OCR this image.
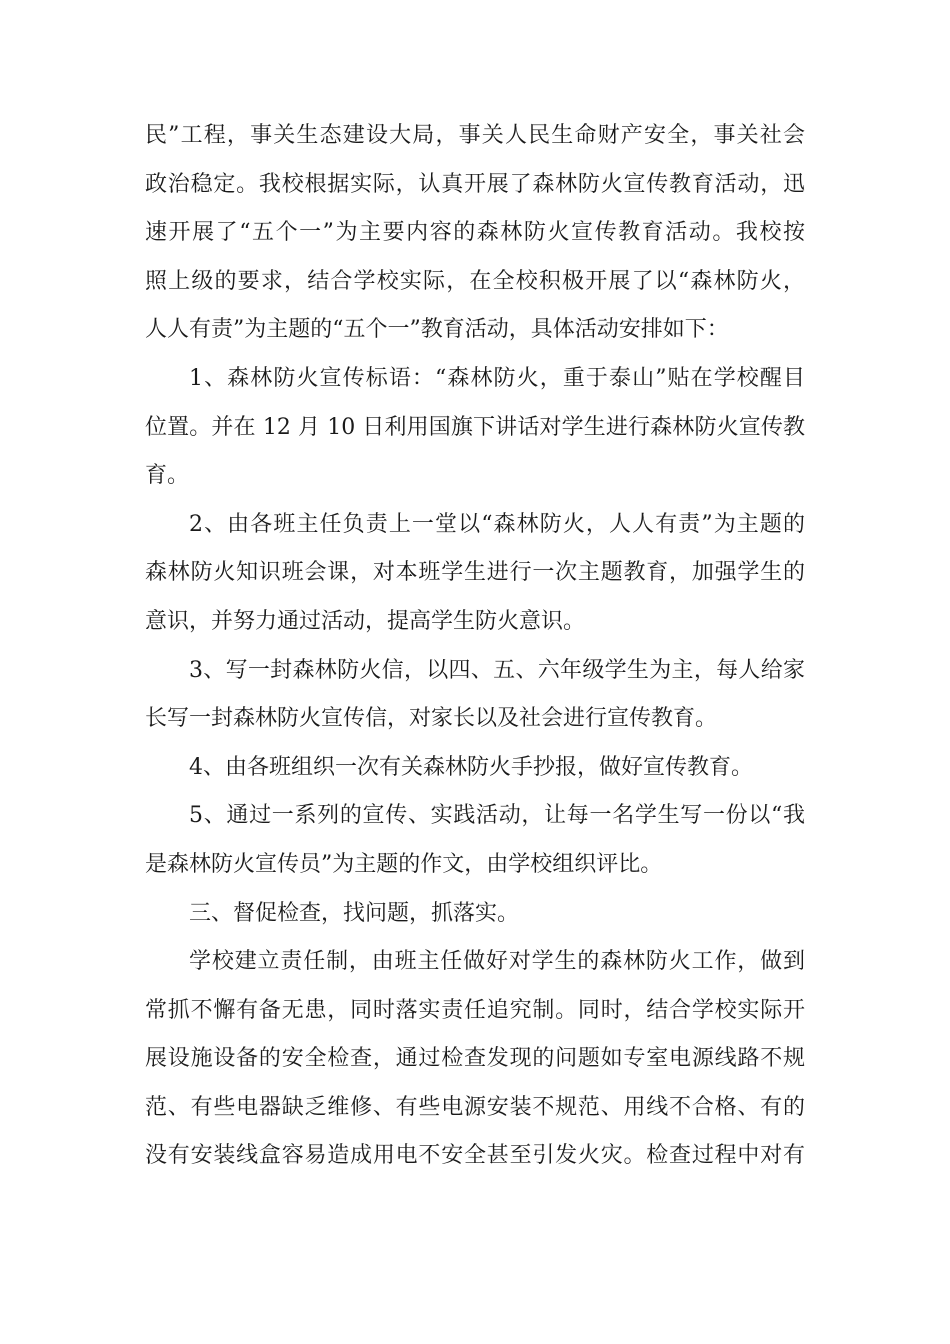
民”工程，事关生态建设大局，事关人民生命财产安全，事关社会
政治稳定。我校根据实际，认真开展了森林防火宣传教育活动，迅
速开展了“五个一”为主要内容的森林防火宣传教育活动。我校按
照上级的要求，结合学校实际，在全校积极开展了以“森林防火，
人人有责”为主题的“五个一”教育活动，具体活动安排如下：
1、森林防火宣传标语：“森林防火，重于泰山”贴在学校醒目
位置。并在 12 月 10 日利用国旗下讲话对学生进行森林防火宣传教
育。
2、由各班主任负责上一堂以“森林防火，人人有责”为主题的
森林防火知识班会课，对本班学生进行一次主题教育，加强学生的
意识，并努力通过活动，提高学生防火意识。
3、写一封森林防火信，以四、五、六年级学生为主，每人给家
长写一封森林防火宣传信，对家长以及社会进行宣传教育。
4、由各班组织一次有关森林防火手抄报，做好宣传教育。
5、通过一系列的宣传、实践活动，让每一名学生写一份以“我
是森林防火宣传员”为主题的作文，由学校组织评比。
三、督促检查，找问题，抓落实。
学校建立责任制，由班主任做好对学生的森林防火工作，做到
常抓不懈有备无患，同时落实责任追究制。同时，结合学校实际开
展设施设备的安全检查，通过检查发现的问题如专室电源线路不规
范、有些电器缺乏维修、有些电源安装不规范、用线不合格、有的
没有安装线盒容易造成用电不安全甚至引发火灾。检查过程中对有
